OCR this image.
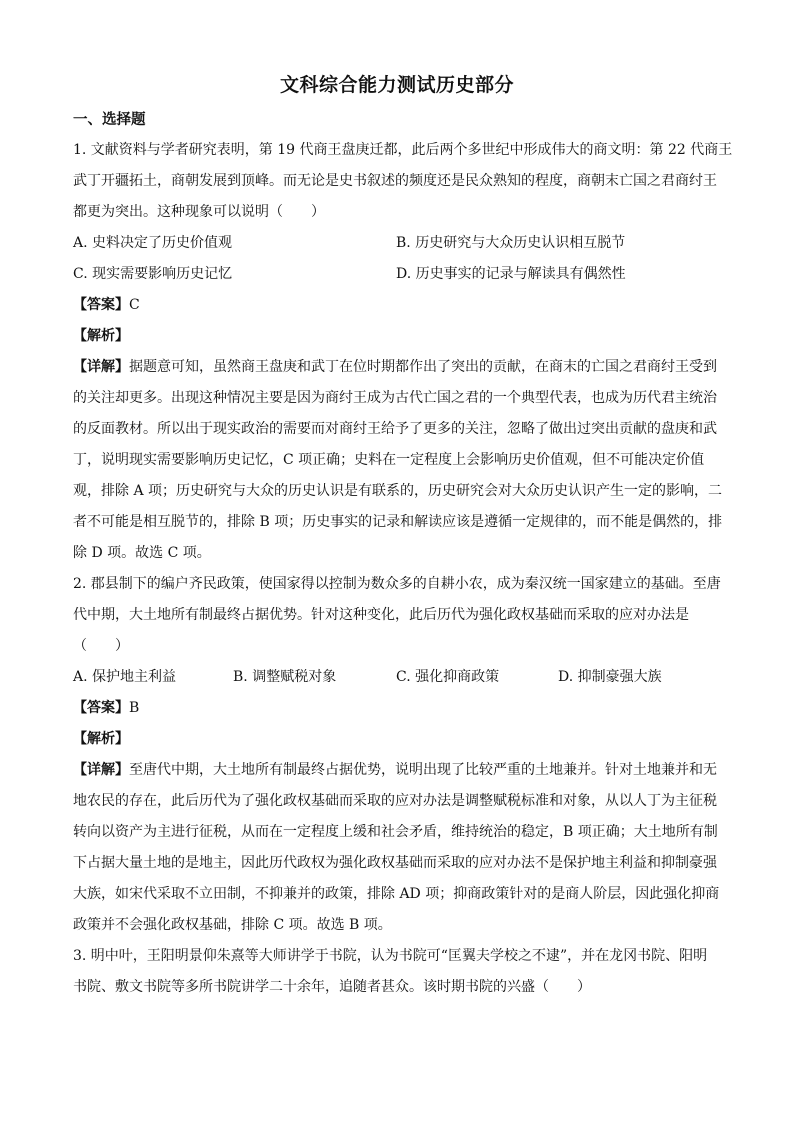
文科综合能力测试历史部分
一、选择题
1. 文献资料与学者研究表明，第 19 代商王盘庚迁都，此后两个多世纪中形成伟大的商文明：第 22 代商王
武丁开疆拓土，商朝发展到顶峰。而无论是史书叙述的频度还是民众熟知的程度，商朝末亡国之君商纣王
都更为突出。这种现象可以说明（　　）
A. 史料决定了历史价值观	B. 历史研究与大众历史认识相互脱节
C. 现实需要影响历史记忆	D. 历史事实的记录与解读具有偶然性
【答案】C
【解析】
【详解】据题意可知，虽然商王盘庚和武丁在位时期都作出了突出的贡献，在商末的亡国之君商纣王受到
的关注却更多。出现这种情况主要是因为商纣王成为古代亡国之君的一个典型代表，也成为历代君主统治
的反面教材。所以出于现实政治的需要而对商纣王给予了更多的关注，忽略了做出过突出贡献的盘庚和武
丁，说明现实需要影响历史记忆，C 项正确；史料在一定程度上会影响历史价值观，但不可能决定价值
观，排除 A 项；历史研究与大众的历史认识是有联系的，历史研究会对大众历史认识产生一定的影响，二
者不可能是相互脱节的，排除 B 项；历史事实的记录和解读应该是遵循一定规律的，而不能是偶然的，排
除 D 项。故选 C 项。
2. 郡县制下的编户齐民政策，使国家得以控制为数众多的自耕小农，成为秦汉统一国家建立的基础。至唐
代中期，大土地所有制最终占据优势。针对这种变化，此后历代为强化政权基础而采取的应对办法是
（　　）
A. 保护地主利益	B. 调整赋税对象	C. 强化抑商政策	D. 抑制豪强大族
【答案】B
【解析】
【详解】至唐代中期，大土地所有制最终占据优势，说明出现了比较严重的土地兼并。针对土地兼并和无
地农民的存在，此后历代为了强化政权基础而采取的应对办法是调整赋税标准和对象，从以人丁为主征税
转向以资产为主进行征税，从而在一定程度上缓和社会矛盾，维持统治的稳定，B 项正确；大土地所有制
下占据大量土地的是地主，因此历代政权为强化政权基础而采取的应对办法不是保护地主利益和抑制豪强
大族，如宋代采取不立田制，不抑兼并的政策，排除 AD 项；抑商政策针对的是商人阶层，因此强化抑商
政策并不会强化政权基础，排除 C 项。故选 B 项。
3. 明中叶，王阳明景仰朱熹等大师讲学于书院，认为书院可“匡翼夫学校之不逮”，并在龙冈书院、阳明
书院、敷文书院等多所书院讲学二十余年，追随者甚众。该时期书院的兴盛（　　）
